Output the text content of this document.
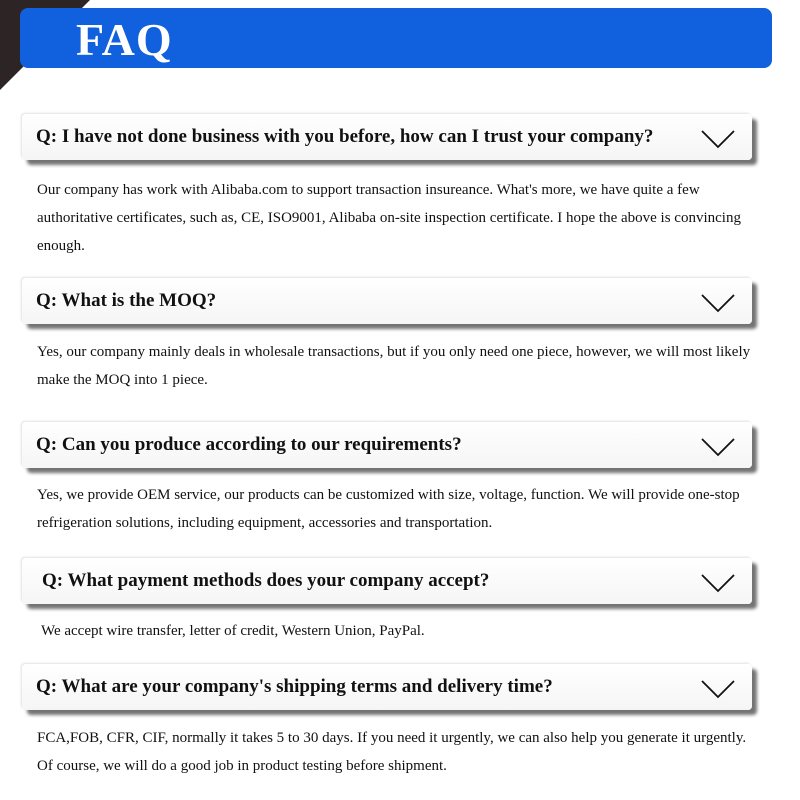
FAQ
Q: I have not done business with you before, how can I trust your company?

Our company has work with Alibaba.com to support transaction insureance. What's more, we have quite a few authoritative certificates, such as, CE, ISO9001, Alibaba on-site inspection certificate. I hope the above is convincing enough.

Q: What is the MOQ?

Yes, our company mainly deals in wholesale transactions, but if you only need one piece, however, we will most likely make the MOQ into 1 piece.

Q: Can you produce according to our requirements?

Yes, we provide OEM service, our products can be customized with size, voltage, function. We will provide one-stop refrigeration solutions, including equipment, accessories and transportation.

Q: What payment methods does your company accept?

We accept wire transfer, letter of credit, Western Union, PayPal.

Q: What are your company's shipping terms and delivery time?

FCA,FOB, CFR, CIF, normally it takes 5 to 30 days. If you need it urgently, we can also help you generate it urgently. Of course, we will do a good job in product testing before shipment.
